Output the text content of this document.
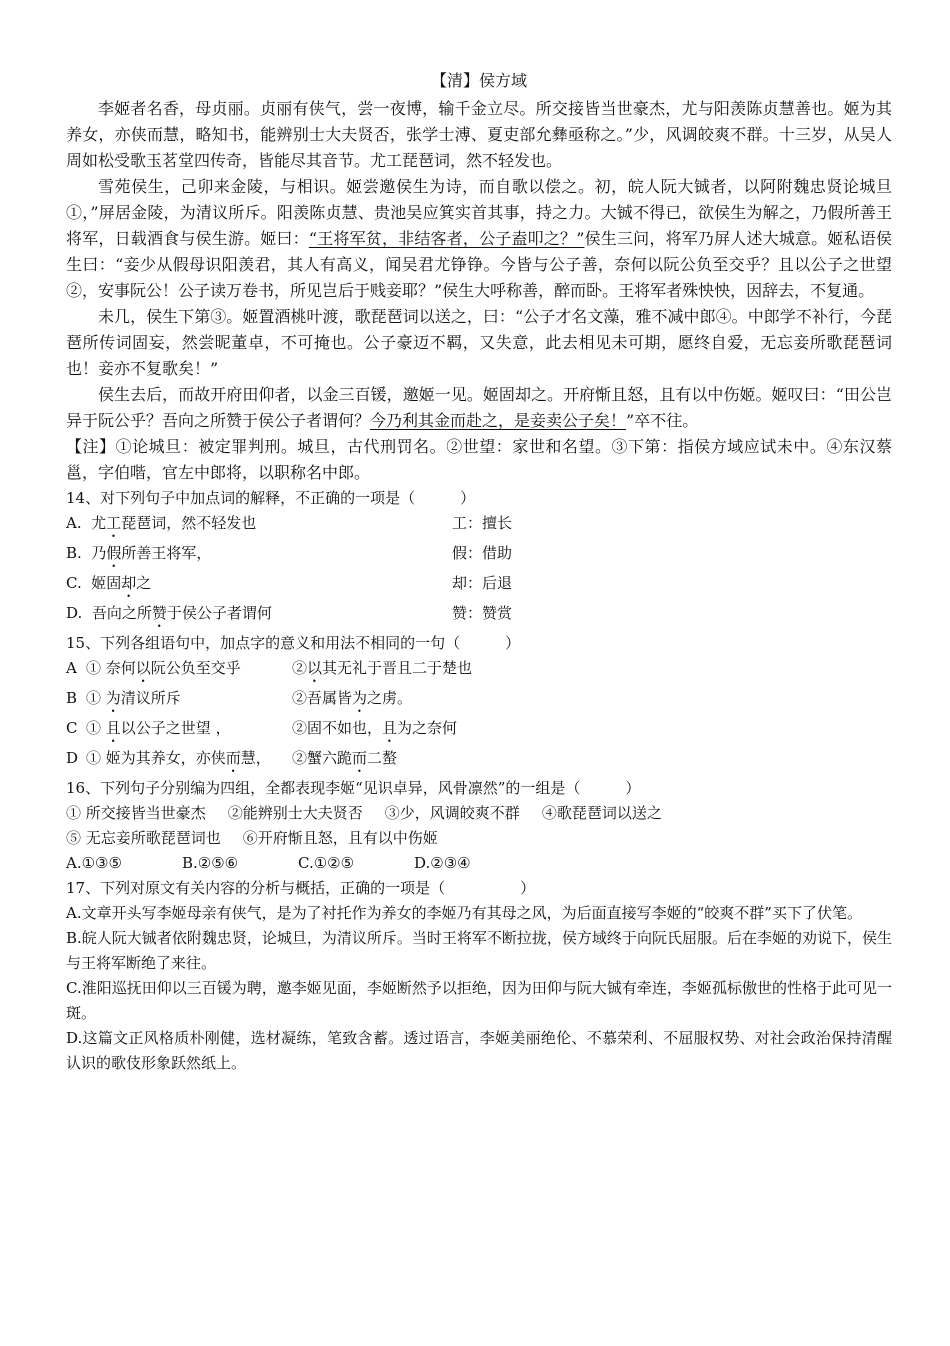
【清】侯方域

李姬者名香，母贞丽。贞丽有侠气，尝一夜博，输千金立尽。所交接皆当世豪杰，尤与阳羡陈贞慧善也。姬为其养女，亦侠而慧，略知书，能辨别士大夫贤否，张学士溥、夏吏部允彝亟称之。”少，风调皎爽不群。十三岁，从吴人周如松受歌玉茗堂四传奇，皆能尽其音节。尤工琵琶词，然不轻发也。

雪苑侯生，己卯来金陵，与相识。姬尝邀侯生为诗，而自歌以偿之。初，皖人阮大铖者，以阿附魏忠贤论城旦①，”屏居金陵，为清议所斥。阳羡陈贞慧、贵池吴应箕实首其事，持之力。大铖不得已，欲侯生为解之，乃假所善王将军，日载酒食与侯生游。姬曰：“王将军贫，非结客者，公子盍叩之？”侯生三问，将军乃屏人述大城意。姬私语侯生曰：“妾少从假母识阳羡君，其人有高义，闻吴君尤铮铮。今皆与公子善，奈何以阮公负至交乎？且以公子之世望②，安事阮公！公子读万卷书，所见岂后于贱妾耶？”侯生大呼称善，醉而卧。王将军者殊怏怏，因辞去，不复通。

未几，侯生下第③。姬置酒桃叶渡，歌琵琶词以送之，曰：“公子才名文藻，雅不减中郎④。中郎学不补行，今琵琶所传词固妄，然尝昵董卓，不可掩也。公子豪迈不羁，又失意，此去相见未可期，愿终自爱，无忘妾所歌琵琶词也！妾亦不复歌矣！”

侯生去后，而故开府田仰者，以金三百锾，邀姬一见。姬固却之。开府惭且怒，且有以中伤姬。姬叹曰：“田公岂异于阮公乎？吾向之所赞于侯公子者谓何？今乃利其金而赴之，是妾卖公子矣！”卒不往。

【注】①论城旦：被定罪判刑。城旦，古代刑罚名。②世望：家世和名望。③下第：指侯方域应试未中。④东汉蔡邕，字伯喈，官左中郎将，以职称名中郎。

14、对下列句子中加点词的解释，不正确的一项是（　　　）

A. 尤工琵琶词，然不轻发也	工：擅长
B. 乃假所善王将军，	假：借助
C. 姬固却之	却：后退
D. 吾向之所赞于侯公子者谓何	赞：赞赏

15、下列各组语句中，加点字的意义和用法不相同的一句（　　　）

A ① 奈何以阮公负至交乎	②以其无礼于晋且二于楚也
B ① 为清议所斥	②吾属皆为之虏。
C ① 且以公子之世望 ，	②固不如也，且为之奈何
D ① 姬为其养女，亦侠而慧，	②蟹六跪而二螯

16、下列句子分别编为四组，全都表现李姬“见识卓异，风骨凛然”的一组是（　　　）

① 所交接皆当世豪杰 ②能辨别士大夫贤否 ③少，风调皎爽不群 ④歌琵琶词以送之
⑤ 无忘妾所歌琵琶词也 ⑥开府惭且怒，且有以中伤姬
A.①③⑤	B.②⑤⑥	C.①②⑤	D.②③④

17、下列对原文有关内容的分析与概括，正确的一项是（　　　　　）

A.文章开头写李姬母亲有侠气，是为了衬托作为养女的李姬乃有其母之风，为后面直接写李姬的“皎爽不群”买下了伏笔。

B.皖人阮大铖者依附魏忠贤，论城旦，为清议所斥。当时王将军不断拉拢，侯方域终于向阮氏屈服。后在李姬的劝说下，侯生与王将军断绝了来往。

C.淮阳巡抚田仰以三百锾为聘，邀李姬见面，李姬断然予以拒绝，因为田仰与阮大铖有牵连，李姬孤标傲世的性格于此可见一斑。

D.这篇文正风格质朴刚健，选材凝练，笔致含蓄。透过语言，李姬美丽绝伦、不慕荣利、不屈服权势、对社会政治保持清醒认识的歌伎形象跃然纸上。
